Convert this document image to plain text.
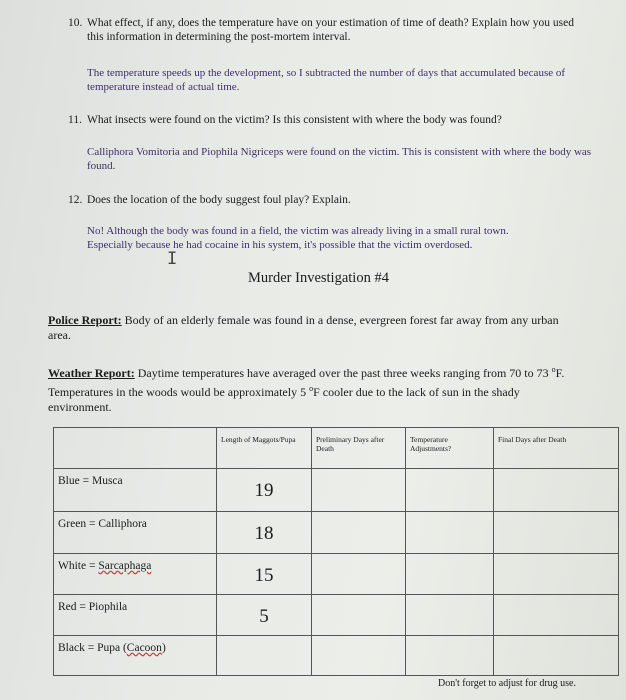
10. What effect, if any, does the temperature have on your estimation of time of death? Explain how you used this information in determining the post-mortem interval.
The temperature speeds up the development, so I subtracted the number of days that accumulated because of temperature instead of actual time.
11. What insects were found on the victim? Is this consistent with where the body was found?
Calliphora Vomitoria and Piophila Nigriceps were found on the victim. This is consistent with where the body was found.
12. Does the location of the body suggest foul play? Explain.
No! Although the body was found in a field, the victim was already living in a small rural town. Especially because he had cocaine in his system, it's possible that the victim overdosed.
I
Murder Investigation #4
Police Report: Body of an elderly female was found in a dense, evergreen forest far away from any urban area.
Weather Report: Daytime temperatures have averaged over the past three weeks ranging from 70 to 73 $^o$F. Temperatures in the woods would be approximately 5 $^o$F cooler due to the lack of sun in the shady environment.
	Length of Maggots/Pupa	Preliminary Days after Death	Temperature Adjustments?	Final Days after Death
Blue = Musca	19			
Green = Calliphora	18			
White = Sarcaphaga	15			
Red = Piophila	5			
Black = Pupa (Cacoon)				
Don't forget to adjust for drug use.
